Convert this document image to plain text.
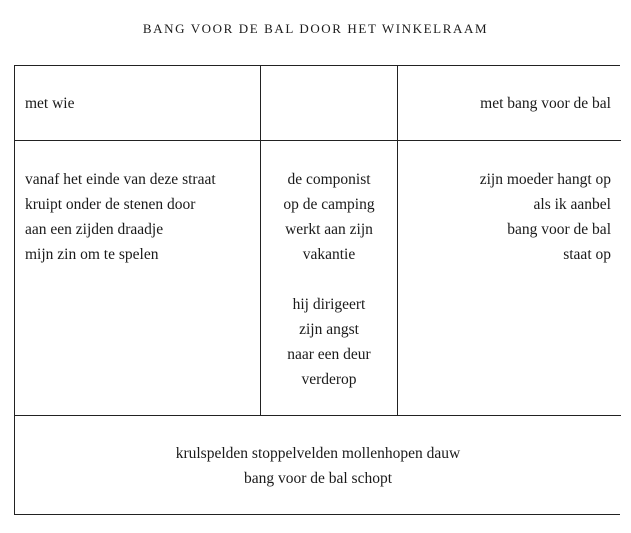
BANG VOOR DE BAL DOOR HET WINKELRAAM
met wie	met bang voor de bal
vanaf het einde van deze straat
kruipt onder de stenen door
aan een zijden draadje
mijn zin om te spelen
de componist
op de camping
werkt aan zijn
vakantie
hij dirigeert
zijn angst
naar een deur
verderop
zijn moeder hangt op
als ik aanbel
bang voor de bal
staat op
krulspelden stoppelvelden mollenhopen dauw
bang voor de bal schopt
